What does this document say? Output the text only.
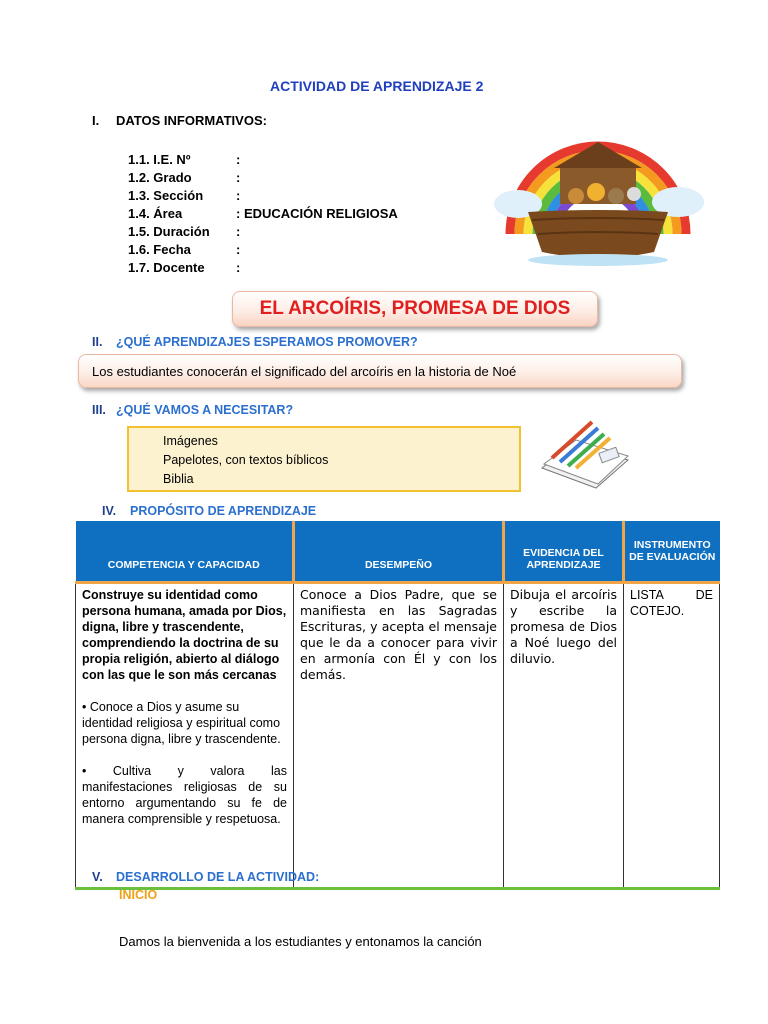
ACTIVIDAD DE APRENDIZAJE 2
I. DATOS INFORMATIVOS:
1.1. I.E. Nº	:
1.2. Grado	:
1.3. Sección	:
1.4. Área	: EDUCACIÓN RELIGIOSA
1.5. Duración	:
1.6. Fecha	:
1.7. Docente	:
EL ARCOÍRIS, PROMESA DE DIOS
II. ¿QUÉ APRENDIZAJES ESPERAMOS PROMOVER?
Los estudiantes conocerán el significado del arcoíris en la historia de Noé
III. ¿QUÉ VAMOS A NECESITAR?
Imágenes
Papelotes, con textos bíblicos
Biblia
IV. PROPÓSITO DE APRENDIZAJE
COMPETENCIA Y CAPACIDAD	DESEMPEÑO	EVIDENCIA DEL APRENDIZAJE	INSTRUMENTO DE EVALUACIÓN

Construye su identidad como persona humana, amada por Dios, digna, libre y trascendente, comprendiendo la doctrina de su propia religión, abierto al diálogo con las que le son más cercanas
• Conoce a Dios y asume su identidad religiosa y espiritual como persona digna, libre y trascendente.
• Cultiva y valora las manifestaciones religiosas de su entorno argumentando su fe de manera comprensible y respetuosa.	Conoce a Dios Padre, que se manifiesta en las Sagradas Escrituras, y acepta el mensaje que le da a conocer para vivir en armonía con Él y con los demás.	Dibuja el arcoíris y escribe la promesa de Dios a Noé luego del diluvio.	LISTA DE COTEJO.
V. DESARROLLO DE LA ACTIVIDAD:
INICIO
Damos la bienvenida a los estudiantes y entonamos la canción
